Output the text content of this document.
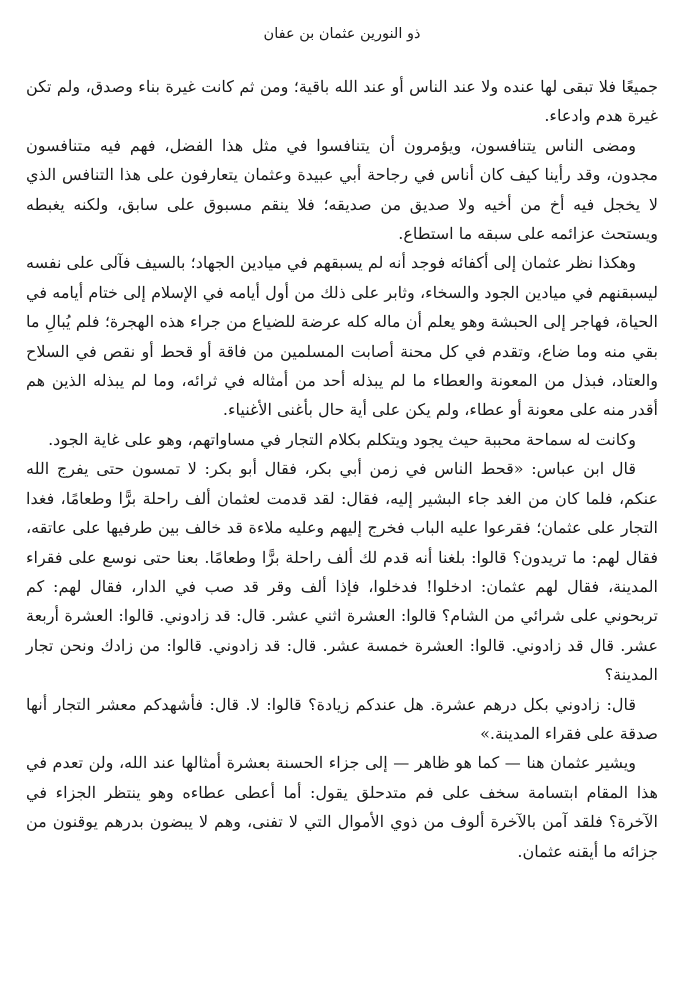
ذو النورين عثمان بن عفان

جميعًا فلا تبقى لها عنده ولا عند الناس أو عند الله باقية؛ ومن ثم كانت غيرة بناء وصدق، ولم تكن غيرة هدم وادعاء.

ومضى الناس يتنافسون، ويؤمرون أن يتنافسوا في مثل هذا الفضل، فهم فيه متنافسون مجدون، وقد رأينا كيف كان أناس في رجاحة أبي عبيدة وعثمان يتعارفون على هذا التنافس الذي لا يخجل فيه أخ من أخيه ولا صديق من صديقه؛ فلا ينقم مسبوق على سابق، ولكنه يغبطه ويستحث عزائمه على سبقه ما استطاع.

وهكذا نظر عثمان إلى أكفائه فوجد أنه لم يسبقهم في ميادين الجهاد؛ بالسيف فآلى على نفسه ليسبقنهم في ميادين الجود والسخاء، وثابر على ذلك من أول أيامه في الإسلام إلى ختام أيامه في الحياة، فهاجر إلى الحبشة وهو يعلم أن ماله كله عرضة للضياع من جراء هذه الهجرة؛ فلم يُبالِ ما بقي منه وما ضاع، وتقدم في كل محنة أصابت المسلمين من فاقة أو قحط أو نقص في السلاح والعتاد، فبذل من المعونة والعطاء ما لم يبذله أحد من أمثاله في ثرائه، وما لم يبذله الذين هم أقدر منه على معونة أو عطاء، ولم يكن على أية حال بأغنى الأغنياء.

وكانت له سماحة محببة حيث يجود ويتكلم بكلام التجار في مساواتهم، وهو على غاية الجود.

قال ابن عباس: «قحط الناس في زمن أبي بكر، فقال أبو بكر: لا تمسون حتى يفرج الله عنكم، فلما كان من الغد جاء البشير إليه، فقال: لقد قدمت لعثمان ألف راحلة برًّا وطعامًا، فغدا التجار على عثمان؛ فقرعوا عليه الباب فخرج إليهم وعليه ملاءة قد خالف بين طرفيها على عاتقه، فقال لهم: ما تريدون؟ قالوا: بلغنا أنه قدم لك ألف راحلة برًّا وطعامًا. بعنا حتى نوسع على فقراء المدينة، فقال لهم عثمان: ادخلوا! فدخلوا، فإذا ألف وقر قد صب في الدار، فقال لهم: كم تربحوني على شرائي من الشام؟ قالوا: العشرة اثني عشر. قال: قد زادوني. قالوا: العشرة أربعة عشر. قال قد زادوني. قالوا: العشرة خمسة عشر. قال: قد زادوني. قالوا: من زادك ونحن تجار المدينة؟

قال: زادوني بكل درهم عشرة. هل عندكم زيادة؟ قالوا: لا. قال: فأشهدكم معشر التجار أنها صدقة على فقراء المدينة.»

ويشير عثمان هنا — كما هو ظاهر — إلى جزاء الحسنة بعشرة أمثالها عند الله، ولن تعدم في هذا المقام ابتسامة سخف على فم متدحلق يقول: أما أعطى عطاءه وهو ينتظر الجزاء في الآخرة؟ فلقد آمن بالآخرة ألوف من ذوي الأموال التي لا تفنى، وهم لا يبضون بدرهم يوقنون من جزائه ما أيقنه عثمان.
